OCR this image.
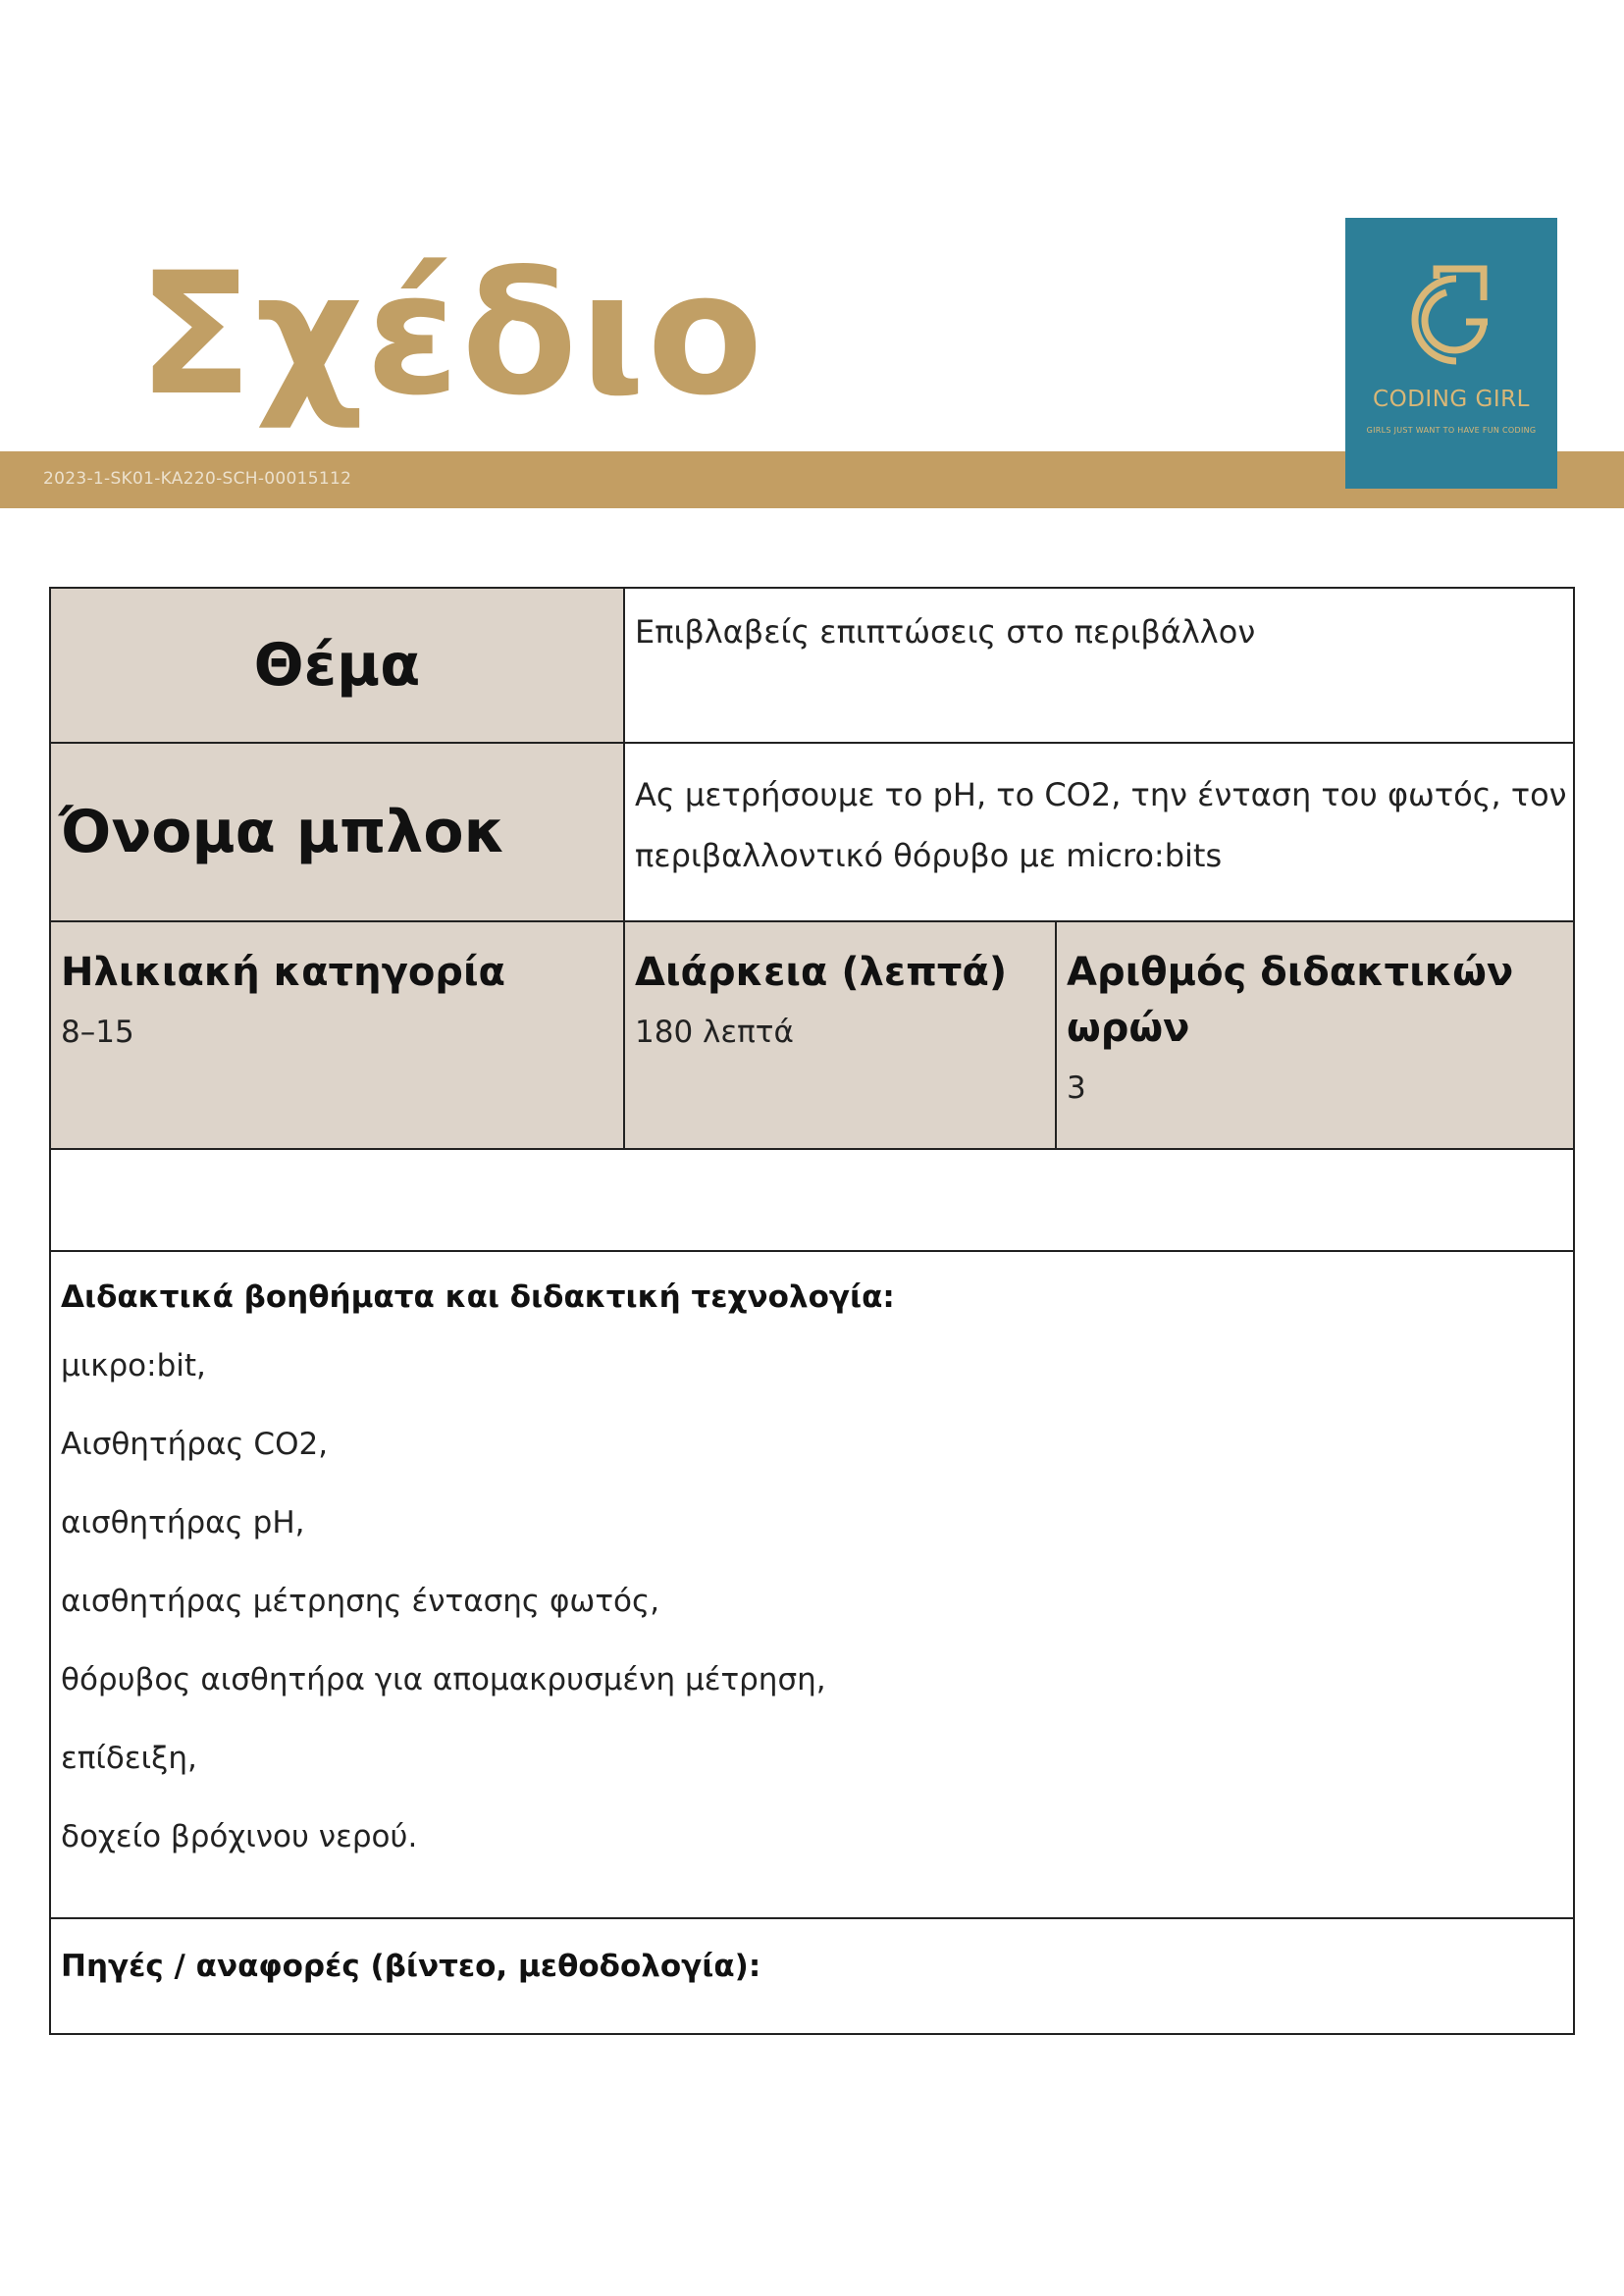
Σχέδιο
2023-1-SK01-KA220-SCH-00015112
CODING GIRL
GIRLS JUST WANT TO HAVE FUN CODING
Θέμα	Επιβλαβείς επιπτώσεις στο περιβάλλον
Όνομα μπλοκ
Ας μετρήσουμε το pH, το CO2, την ένταση του φωτός, τον
περιβαλλοντικό θόρυβο με micro:bits
Ηλικιακή κατηγορία
8–15
Διάρκεια (λεπτά)
180 λεπτά
Αριθμός διδακτικών
ωρών
3
Διδακτικά βοηθήματα και διδακτική τεχνολογία:
μικρο:bit,
Αισθητήρας CO2,
αισθητήρας pH,
αισθητήρας μέτρησης έντασης φωτός,
θόρυβος αισθητήρα για απομακρυσμένη μέτρηση,
επίδειξη,
δοχείο βρόχινου νερού.
Πηγές / αναφορές (βίντεο, μεθοδολογία):
